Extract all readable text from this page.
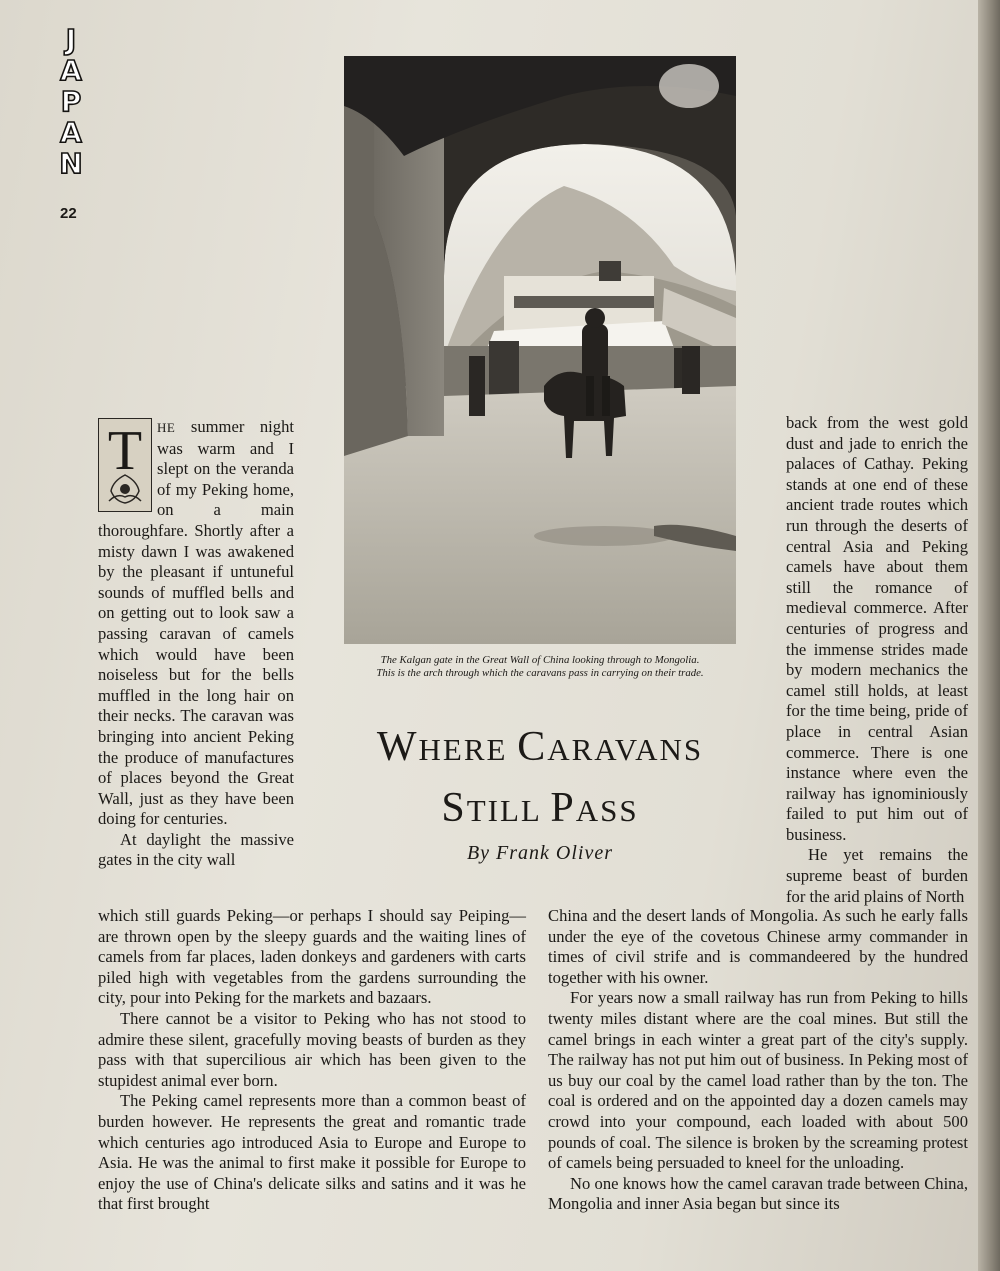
J
A
P
A
N
22
The Kalgan gate in the Great Wall of China looking through to Mongolia.
This is the arch through which the caravans pass in carrying on their trade.
WHERE CARAVANS
STILL PASS
By Frank Oliver

T	HE summer night was warm and I slept on the veranda of my Peking home, on a main thoroughfare. Shortly after a misty dawn I was awakened by the pleasant if untuneful sounds of muffled bells and on getting out to look saw a passing caravan of camels which would have been noiseless but for the bells muffled in the long hair on their necks. The caravan was bringing into ancient Peking the produce of manufactures of places beyond the Great Wall, just as they have been doing for centuries.

At daylight the massive gates in the city wall

back from the west gold dust and jade to enrich the palaces of Cathay. Peking stands at one end of these ancient trade routes which run through the deserts of central Asia and Peking camels have about them still the romance of medieval commerce. After centuries of progress and the immense strides made by modern mechanics the camel still holds, at least for the time being, pride of place in central Asian commerce. There is one instance where even the railway has ignominiously failed to put him out of business.

He yet remains the supreme beast of burden for the arid plains of North

which still guards Peking—or perhaps I should say Peiping—are thrown open by the sleepy guards and the waiting lines of camels from far places, laden donkeys and gardeners with carts piled high with vegetables from the gardens surrounding the city, pour into Peking for the markets and bazaars.

There cannot be a visitor to Peking who has not stood to admire these silent, gracefully moving beasts of burden as they pass with that supercilious air which has been given to the stupidest animal ever born.

The Peking camel represents more than a common beast of burden however. He represents the great and romantic trade which centuries ago introduced Asia to Europe and Europe to Asia. He was the animal to first make it possible for Europe to enjoy the use of China's delicate silks and satins and it was he that first brought

China and the desert lands of Mongolia. As such he early falls under the eye of the covetous Chinese army commander in times of civil strife and is commandeered by the hundred together with his owner.

For years now a small railway has run from Peking to hills twenty miles distant where are the coal mines. But still the camel brings in each winter a great part of the city's supply. The railway has not put him out of business. In Peking most of us buy our coal by the camel load rather than by the ton. The coal is ordered and on the appointed day a dozen camels may crowd into your compound, each loaded with about 500 pounds of coal. The silence is broken by the screaming protest of camels being persuaded to kneel for the unloading.

No one knows how the camel caravan trade between China, Mongolia and inner Asia began but since its
